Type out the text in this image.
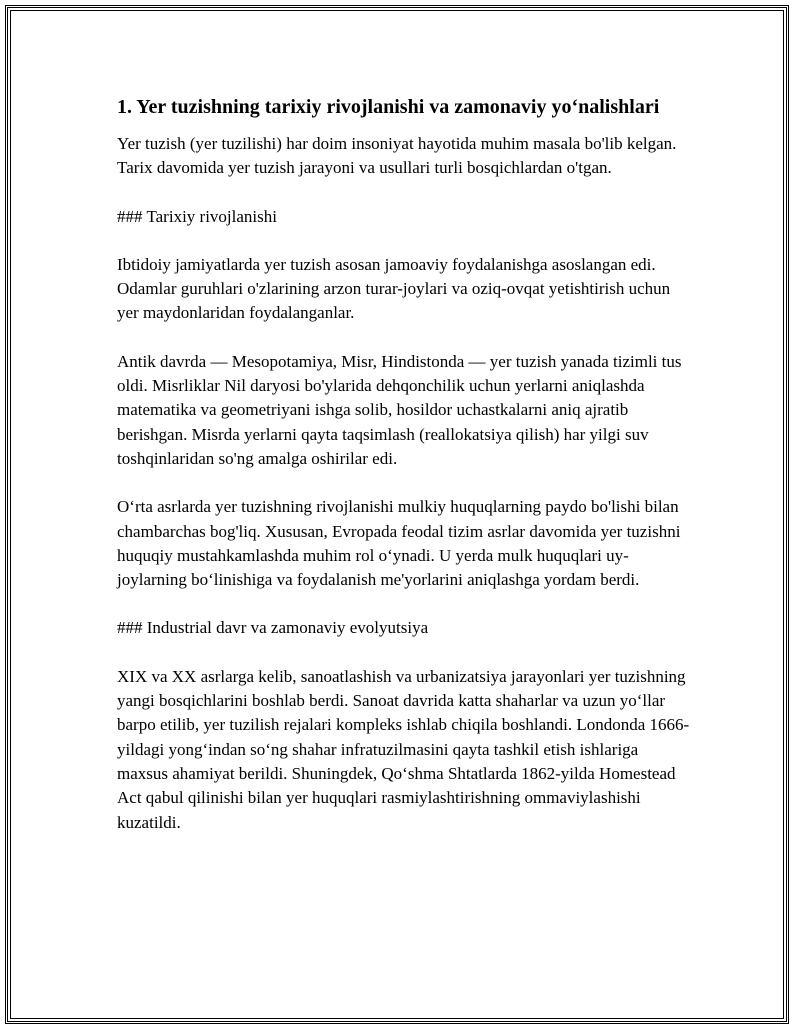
1. Yer tuzishning tarixiy rivojlanishi va zamonaviy yo‘nalishlari

Yer tuzish (yer tuzilishi) har doim insoniyat hayotida muhim masala bo'lib kelgan. Tarix davomida yer tuzish jarayoni va usullari turli bosqichlardan o'tgan.

### Tarixiy rivojlanishi

Ibtidoiy jamiyatlarda yer tuzish asosan jamoaviy foydalanishga asoslangan edi. Odamlar guruhlari o'zlarining arzon turar-joylari va oziq-ovqat yetishtirish uchun yer maydonlaridan foydalanganlar.

Antik davrda — Mesopotamiya, Misr, Hindistonda — yer tuzish yanada tizimli tus oldi. Misrliklar Nil daryosi bo'ylarida dehqonchilik uchun yerlarni aniqlashda matematika va geometriyani ishga solib, hosildor uchastkalarni aniq ajratib berishgan. Misrda yerlarni qayta taqsimlash (reallokatsiya qilish) har yilgi suv toshqinlaridan so'ng amalga oshirilar edi.

O‘rta asrlarda yer tuzishning rivojlanishi mulkiy huquqlarning paydo bo'lishi bilan chambarchas bog'liq. Xususan, Evropada feodal tizim asrlar davomida yer tuzishni huquqiy mustahkamlashda muhim rol o‘ynadi. U yerda mulk huquqlari uy-joylarning bo‘linishiga va foydalanish me'yorlarini aniqlashga yordam berdi.

### Industrial davr va zamonaviy evolyutsiya

XIX va XX asrlarga kelib, sanoatlashish va urbanizatsiya jarayonlari yer tuzishning yangi bosqichlarini boshlab berdi. Sanoat davrida katta shaharlar va uzun yo‘llar barpo etilib, yer tuzilish rejalari kompleks ishlab chiqila boshlandi. Londonda 1666-yildagi yong‘indan so‘ng shahar infratuzilmasini qayta tashkil etish ishlariga maxsus ahamiyat berildi. Shuningdek, Qo‘shma Shtatlarda 1862-yilda Homestead Act qabul qilinishi bilan yer huquqlari rasmiylashtirishning ommaviylashishi kuzatildi.
